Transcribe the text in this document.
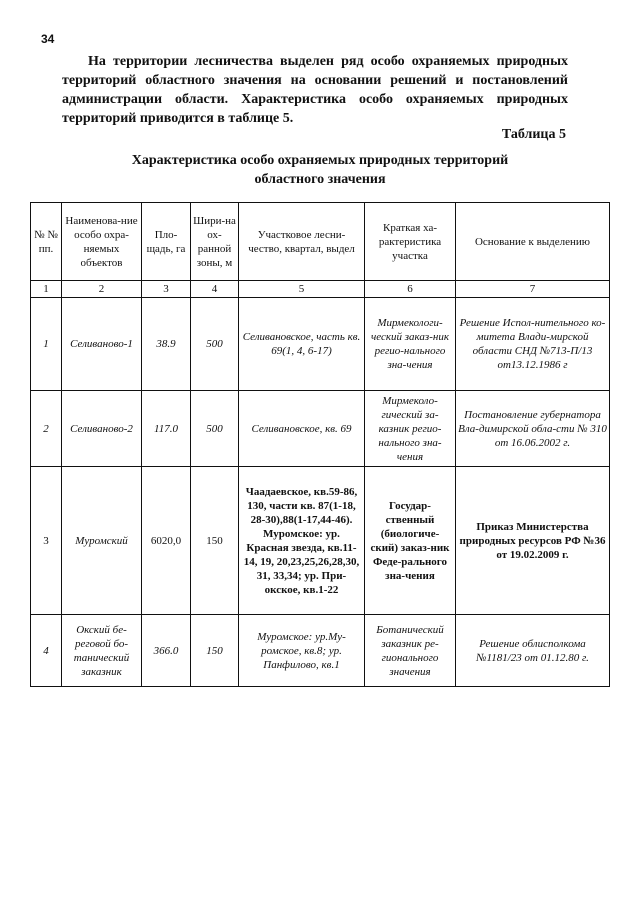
34
На территории лесничества выделен ряд особо охраняемых природных территорий областного значения на основании решений и постановлений администрации области. Характеристика особо охраняемых природных территорий приводится в таблице 5.
Таблица 5
Характеристика особо охраняемых природных территорий
областного значения
№ № пп.	Наименова-ние особо охра-няемых объектов	Пло-щадь, га	Шири-на ох-ранной зоны, м	Участковое лесни-чество, квартал, выдел	Краткая ха-рактеристика участка	Основание к выделению
1	2	3	4	5	6	7
1	Селиваново-1	38.9	500	Селивановское, часть кв. 69(1, 4, 6-17)	Мирмекологи-ческий заказ-ник регио-нального зна-чения	Решение Испол-нительного ко-митета Влади-мирской области СНД №713-П/13 от13.12.1986 г
2	Селиваново-2	117.0	500	Селивановское, кв. 69	Мирмеколо-гический за-казник регио-нального зна-чения	Постановление губернатора Вла-димирской обла-сти № 310 от 16.06.2002 г.
3	Муромский	6020,0	150	Чаадаевское, кв.59-86, 130, части кв. 87(1-18, 28-30),88(1-17,44-46). Муромское: ур. Красная звезда, кв.11-14, 19, 20,23,25,26,28,30, 31, 33,34; ур. При-окское, кв.1-22	Государ-ственный (биологиче-ский) заказ-ник Феде-рального зна-чения	Приказ Министерства природных ресурсов РФ №36 от 19.02.2009 г.
4	Окский бе-реговой бо-танический заказник	366.0	150	Муромское: ур.Му-ромское, кв.8; ур. Панфилово, кв.1	Ботанический заказник ре-гионального значения	Решение облисполкома №1181/23 от 01.12.80 г.
